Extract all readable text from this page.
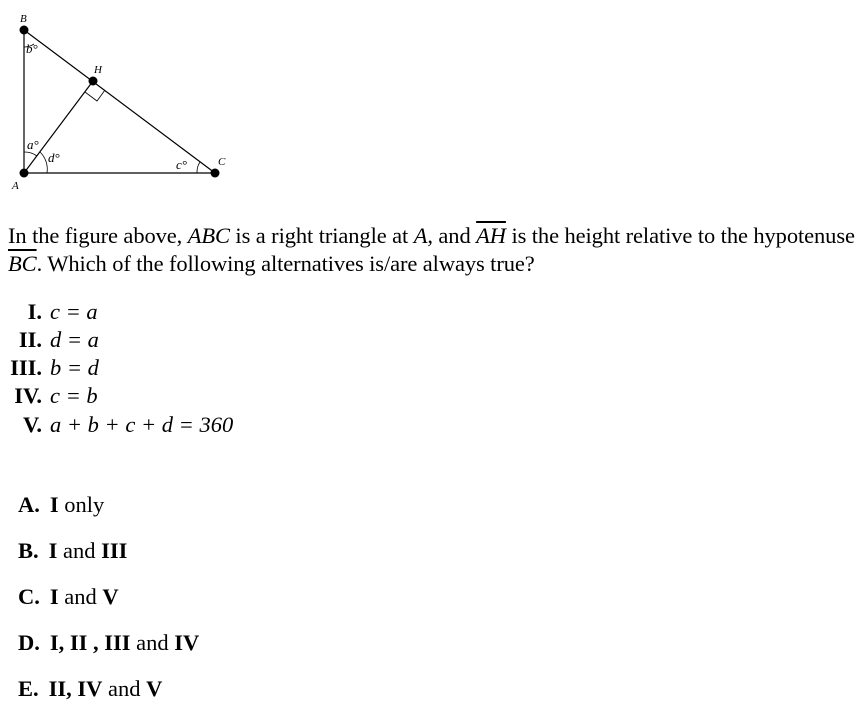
B
H
A
C
b°
a°
d°	c°
In the figure above, ABC is a right triangle at A, and $\overline{AH}$ is the height relative to the hypotenuse $\overline{BC}$. Which of the following alternatives is/are always true?
I. c = a
II. d = a
III. b = d
IV. c = b
V. a + b + c + d = 360
A. I only
B. I and III
C. I and V
D. I, II , III and IV
E. II, IV and V
